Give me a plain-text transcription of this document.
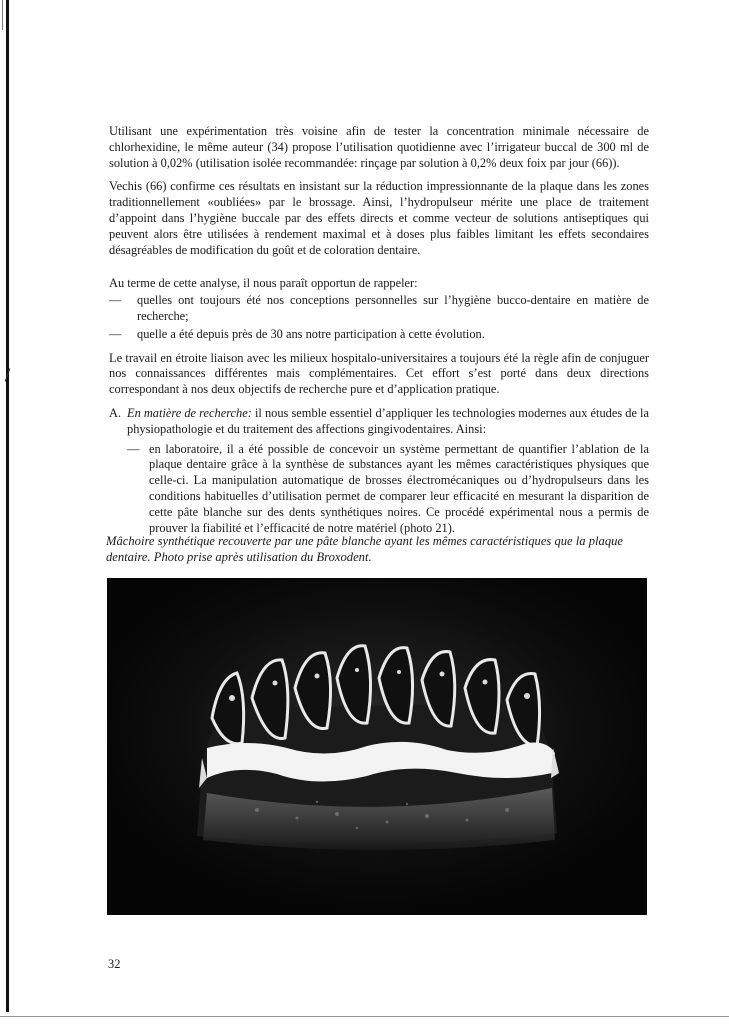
Utilisant une expérimentation très voisine afin de tester la concentration minimale nécessaire de chlorhexidine, le même auteur (34) propose l’utilisation quotidienne avec l’irrigateur buccal de 300 ml de solution à 0,02% (utilisation isolée recommandée: rinçage par solution à 0,2% deux foix par jour (66)).

Vechis (66) confirme ces résultats en insistant sur la réduction impressionnante de la plaque dans les zones traditionnellement «oubliées» par le brossage. Ainsi, l’hydropulseur mérite une place de traitement d’appoint dans l’hygiène buccale par des effets directs et comme vecteur de solutions antiseptiques qui peuvent alors être utilisées à rendement maximal et à doses plus faibles limitant les effets secondaires désagréables de modification du goût et de coloration dentaire.

Au terme de cette analyse, il nous paraît opportun de rappeler:

— quelles ont toujours été nos conceptions personnelles sur l’hygiène bucco-dentaire en matière de recherche;
— quelle a été depuis près de 30 ans notre participation à cette évolution.

Le travail en étroite liaison avec les milieux hospitalo-universitaires a toujours été la règle afin de conjuguer nos connaissances différentes mais complémentaires. Cet effort s’est porté dans deux directions correspondant à nos deux objectifs de recherche pure et d’application pratique.

A. En matière de recherche: il nous semble essentiel d’appliquer les technologies modernes aux études de la physiopathologie et du traitement des affections gingivodentaires. Ainsi:
— en laboratoire, il a été possible de concevoir un système permettant de quantifier l’ablation de la plaque dentaire grâce à la synthèse de substances ayant les mêmes caractéristiques physiques que celle-ci. La manipulation automatique de brosses électromécaniques ou d’hydropulseurs dans les conditions habituelles d’utilisation permet de comparer leur efficacité en mesurant la disparition de cette pâte blanche sur des dents synthétiques noires. Ce procédé expérimental nous a permis de prouver la fiabilité et l’efficacité de notre matériel (photo 21).
Mâchoire synthétique recouverte par une pâte blanche ayant les mêmes caractéristiques que la plaque dentaire. Photo prise après utilisation du Broxodent.
32
